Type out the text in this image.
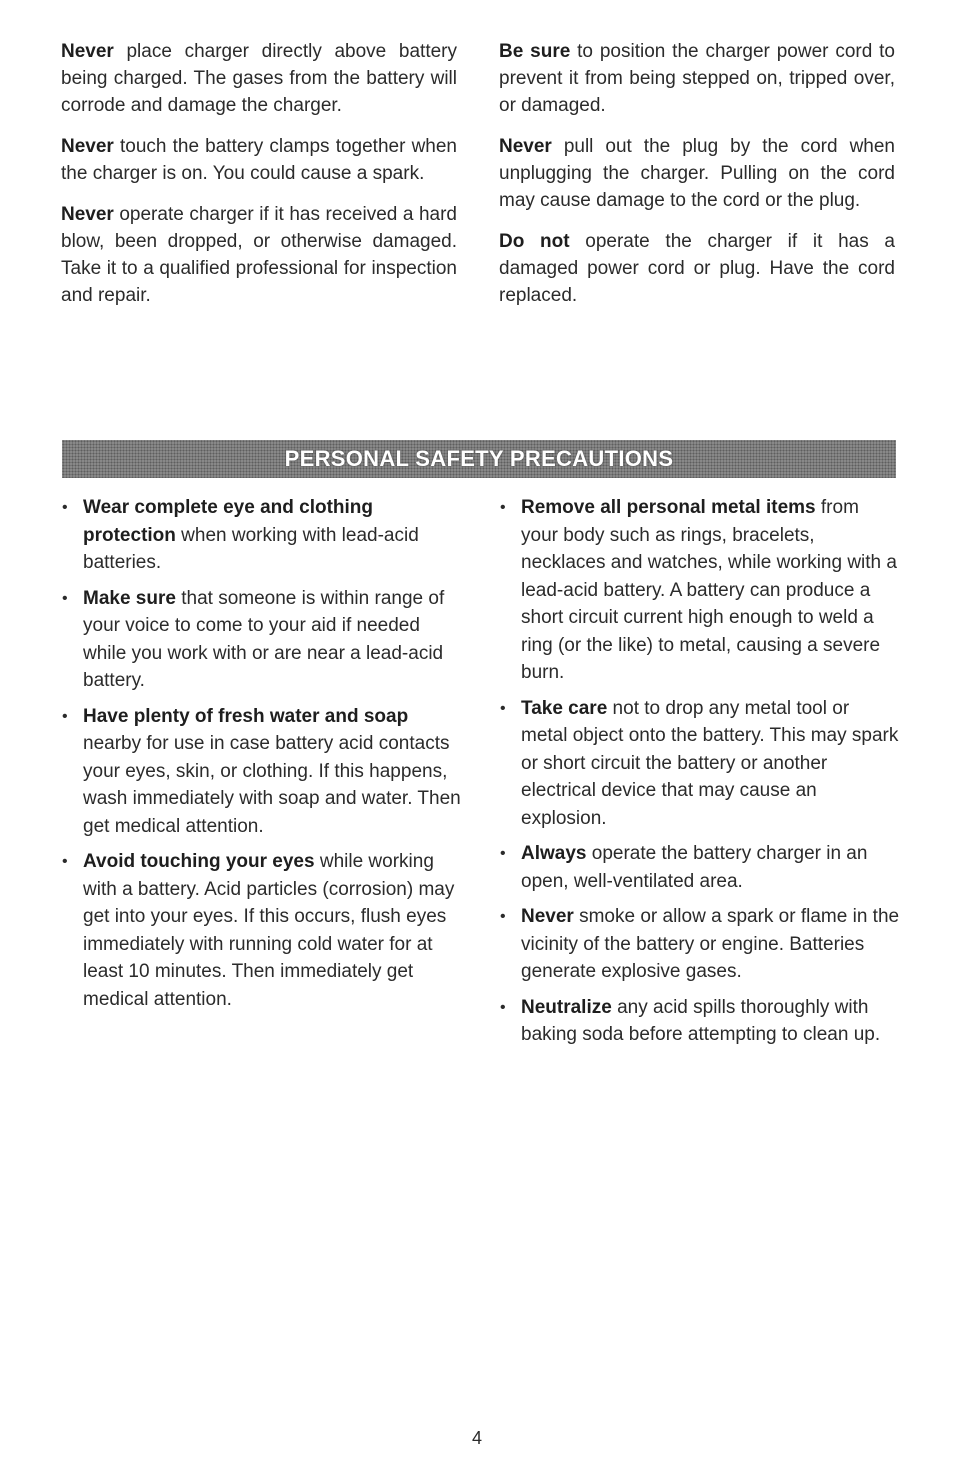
Never place charger directly above battery being charged. The gases from the battery will corrode and damage the charger.

Never touch the battery clamps together when the charger is on. You could cause a spark.

Never operate charger if it has received a hard blow, been dropped, or otherwise damaged. Take it to a qualified professional for inspection and repair.

Be sure to position the charger power cord to prevent it from being stepped on, tripped over, or damaged.

Never pull out the plug by the cord when unplugging the charger. Pulling on the cord may cause damage to the cord or the plug.

Do not operate the charger if it has a damaged power cord or plug. Have the cord replaced.

PERSONAL SAFETY PRECAUTIONS
• Wear complete eye and clothing protection when working with lead-acid batteries.
• Make sure that someone is within range of your voice to come to your aid if needed while you work with or are near a lead-acid battery.
• Have plenty of fresh water and soap nearby for use in case battery acid contacts your eyes, skin, or clothing. If this happens, wash immediately with soap and water. Then get medical attention.
• Avoid touching your eyes while working with a battery. Acid particles (corrosion) may get into your eyes. If this occurs, flush eyes immediately with running cold water for at least 10 minutes. Then immediately get medical attention.
• Remove all personal metal items from your body such as rings, bracelets, necklaces and watches, while working with a lead-acid battery. A battery can produce a short circuit current high enough to weld a ring (or the like) to metal, causing a severe burn.
• Take care not to drop any metal tool or metal object onto the battery. This may spark or short circuit the battery or another electrical device that may cause an explosion.
• Always operate the battery charger in an open, well-ventilated area.
• Never smoke or allow a spark or flame in the vicinity of the battery or engine. Batteries generate explosive gases.
• Neutralize any acid spills thoroughly with baking soda before attempting to clean up.
4
